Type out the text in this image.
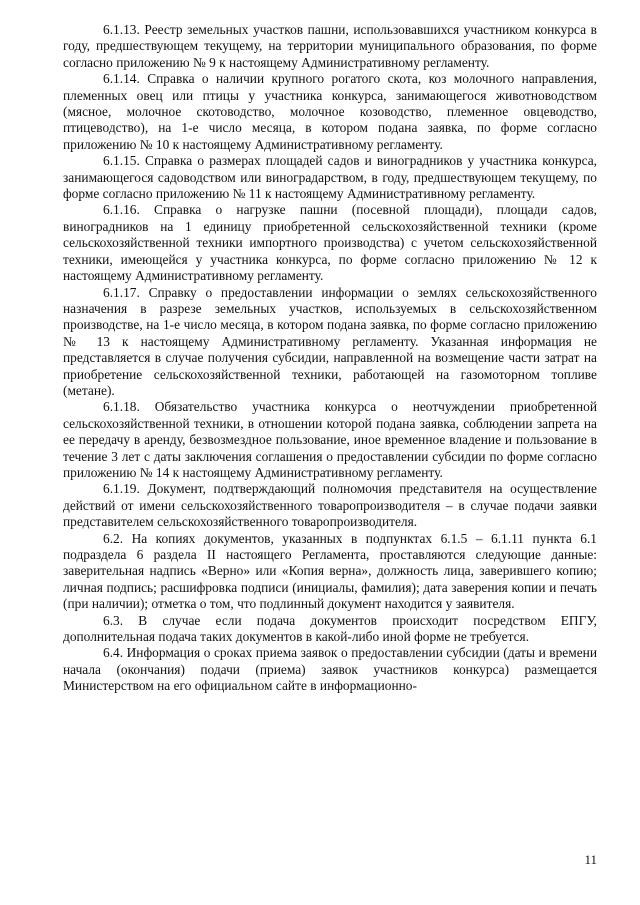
6.1.13. Реестр земельных участков пашни, использовавшихся участником конкурса в году, предшествующем текущему, на территории муниципального образования, по форме согласно приложению № 9 к настоящему Административному регламенту.

6.1.14. Справка о наличии крупного рогатого скота, коз молочного направления, племенных овец или птицы у участника конкурса, занимающегося животноводством (мясное, молочное скотоводство, молочное козоводство, племенное овцеводство, птицеводство), на 1-е число месяца, в котором подана заявка, по форме согласно приложению № 10 к настоящему Административному регламенту.

6.1.15. Справка о размерах площадей садов и виноградников у участника конкурса, занимающегося садоводством или виноградарством, в году, предшествующем текущему, по форме согласно приложению № 11 к настоящему Административному регламенту.

6.1.16. Справка о нагрузке пашни (посевной площади), площади садов, виноградников на 1 единицу приобретенной сельскохозяйственной техники (кроме сельскохозяйственной техники импортного производства) с учетом сельскохозяйственной техники, имеющейся у участника конкурса, по форме согласно приложению № 12 к настоящему Административному регламенту.

6.1.17. Справку о предоставлении информации о землях сельскохозяйственного назначения в разрезе земельных участков, используемых в сельскохозяйственном производстве, на 1-е число месяца, в котором подана заявка, по форме согласно приложению № 13 к настоящему Административному регламенту. Указанная информация не представляется в случае получения субсидии, направленной на возмещение части затрат на приобретение сельскохозяйственной техники, работающей на газомоторном топливе (метане).

6.1.18. Обязательство участника конкурса о неотчуждении приобретенной сельскохозяйственной техники, в отношении которой подана заявка, соблюдении запрета на ее передачу в аренду, безвозмездное пользование, иное временное владение и пользование в течение 3 лет с даты заключения соглашения о предоставлении субсидии по форме согласно приложению № 14 к настоящему Административному регламенту.

6.1.19. Документ, подтверждающий полномочия представителя на осуществление действий от имени сельскохозяйственного товаропроизводителя – в случае подачи заявки представителем сельскохозяйственного товаропроизводителя.

6.2. На копиях документов, указанных в подпунктах 6.1.5 – 6.1.11 пункта 6.1 подраздела 6 раздела II настоящего Регламента, проставляются следующие данные: заверительная надпись «Верно» или «Копия верна», должность лица, заверившего копию; личная подпись; расшифровка подписи (инициалы, фамилия); дата заверения копии и печать (при наличии); отметка о том, что подлинный документ находится у заявителя.

6.3. В случае если подача документов происходит посредством ЕПГУ, дополнительная подача таких документов в какой-либо иной форме не требуется.

6.4. Информация о сроках приема заявок о предоставлении субсидии (даты и времени начала (окончания) подачи (приема) заявок участников конкурса) размещается Министерством на его официальном сайте в информационно-

11
